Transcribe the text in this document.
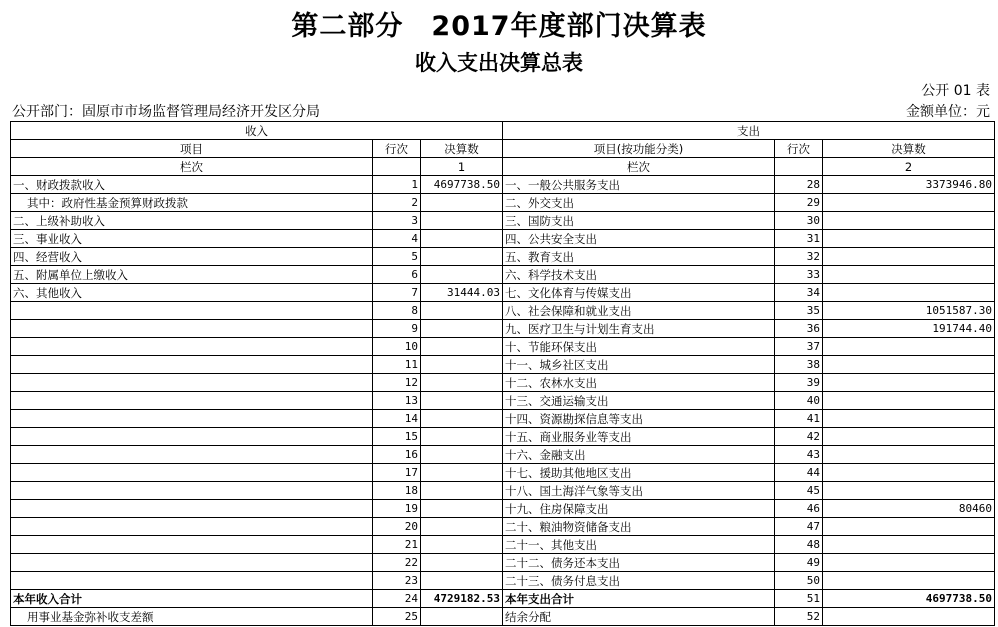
第二部分　2017年度部门决算表
收入支出决算总表
公开 01 表
公开部门：固原市市场监督管理局经济开发区分局	金额单位：元
收入			支出		
项目	行次	决算数	项目(按功能分类)	行次	决算数
栏次		1	栏次		2
一、财政拨款收入	1	4697738.50	一、一般公共服务支出	28	3373946.80
其中：政府性基金预算财政拨款	2		二、外交支出	29	
二、上级补助收入	3		三、国防支出	30	
三、事业收入	4		四、公共安全支出	31	
四、经营收入	5		五、教育支出	32	
五、附属单位上缴收入	6		六、科学技术支出	33	
六、其他收入	7	31444.03	七、文化体育与传媒支出	34	
	8		八、社会保障和就业支出	35	1051587.30
	9		九、医疗卫生与计划生育支出	36	191744.40
	10		十、节能环保支出	37	
	11		十一、城乡社区支出	38	
	12		十二、农林水支出	39	
	13		十三、交通运输支出	40	
	14		十四、资源勘探信息等支出	41	
	15		十五、商业服务业等支出	42	
	16		十六、金融支出	43	
	17		十七、援助其他地区支出	44	
	18		十八、国土海洋气象等支出	45	
	19		十九、住房保障支出	46	80460
	20		二十、粮油物资储备支出	47	
	21		二十一、其他支出	48	
	22		二十二、债务还本支出	49	
	23		二十三、债务付息支出	50	
本年收入合计	24	4729182.53	本年支出合计	51	4697738.50
用事业基金弥补收支差额	25		结余分配	52	
